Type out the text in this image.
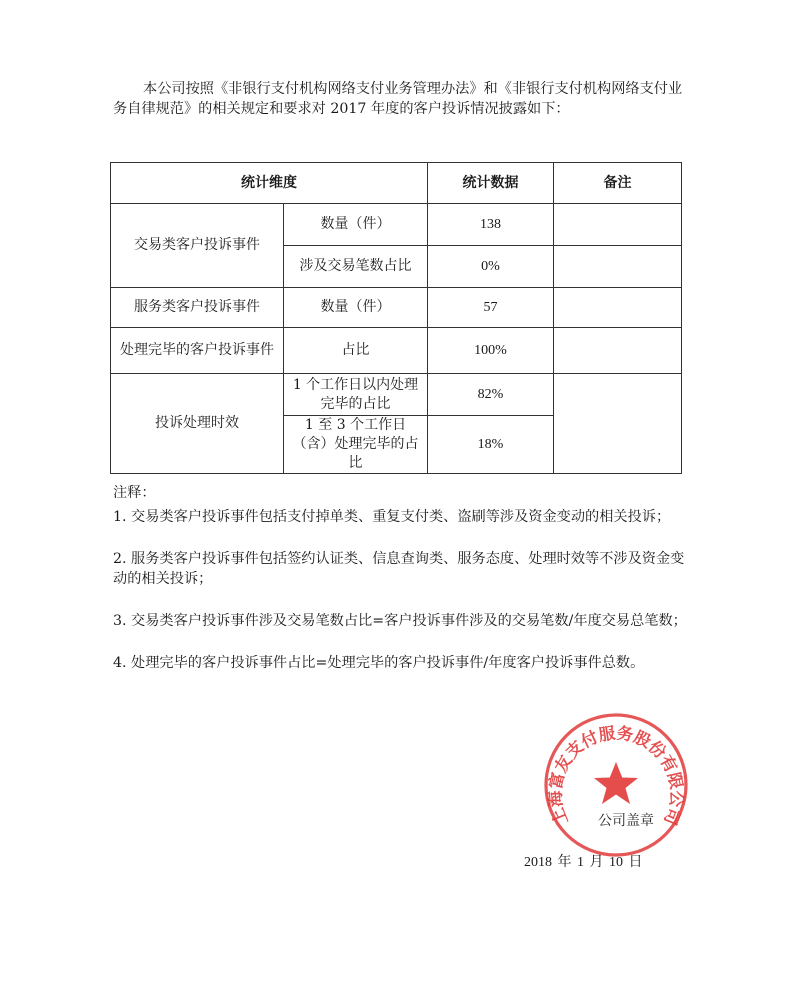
本公司按照《非银行支付机构网络支付业务管理办法》和《非银行支付机构网络支付业务自律规范》的相关规定和要求对 2017 年度的客户投诉情况披露如下：

统计维度		统计数据	备注
交易类客户投诉事件	数量（件）	138	
	涉及交易笔数占比	0%	
服务类客户投诉事件	数量（件）	57	
处理完毕的客户投诉事件	占比	100%	
投诉处理时效	1 个工作日以内处理完毕的占比	82%	
	1 至 3 个工作日（含）处理完毕的占比	18%	

注释：

1. 交易类客户投诉事件包括支付掉单类、重复支付类、盗刷等涉及资金变动的相关投诉；

2. 服务类客户投诉事件包括签约认证类、信息查询类、服务态度、处理时效等不涉及资金变动的相关投诉；

3. 交易类客户投诉事件涉及交易笔数占比=客户投诉事件涉及的交易笔数/年度交易总笔数；

4. 处理完毕的客户投诉事件占比=处理完毕的客户投诉事件/年度客户投诉事件总数。

上海富友支付服务股份有限公司
公司盖章
2018 年 1 月 10 日
